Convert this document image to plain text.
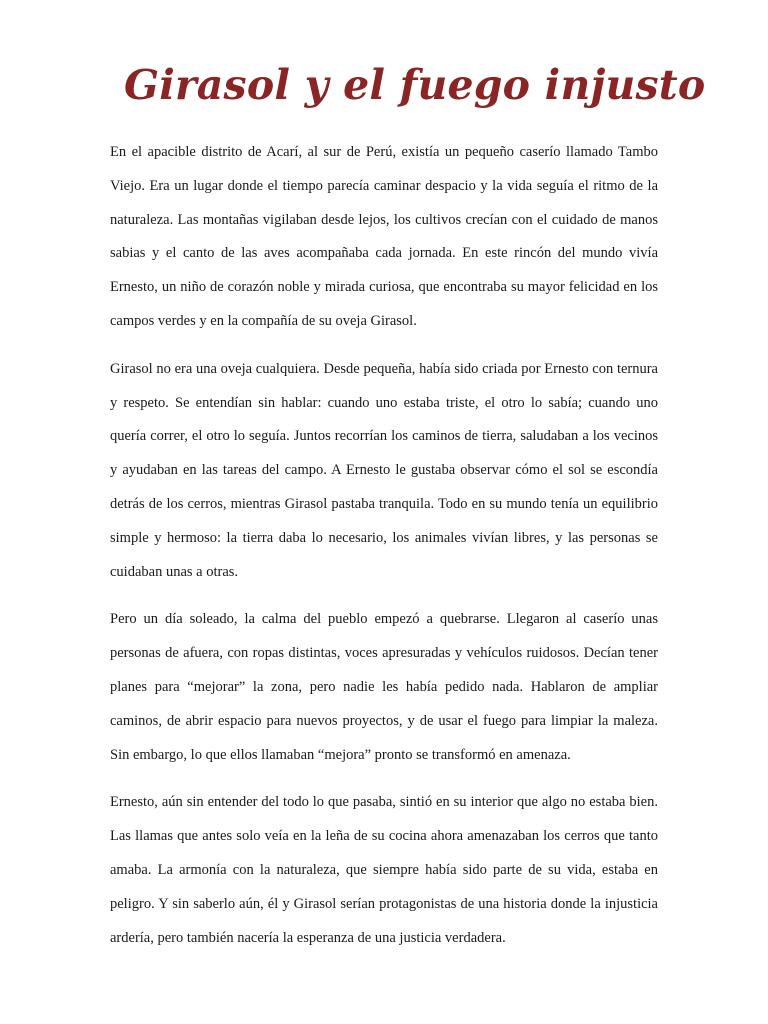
Girasol y el fuego injusto

En el apacible distrito de Acarí, al sur de Perú, existía un pequeño caserío llamado Tambo Viejo. Era un lugar donde el tiempo parecía caminar despacio y la vida seguía el ritmo de la naturaleza. Las montañas vigilaban desde lejos, los cultivos crecían con el cuidado de manos sabias y el canto de las aves acompañaba cada jornada. En este rincón del mundo vivía Ernesto, un niño de corazón noble y mirada curiosa, que encontraba su mayor felicidad en los campos verdes y en la compañía de su oveja Girasol.

Girasol no era una oveja cualquiera. Desde pequeña, había sido criada por Ernesto con ternura y respeto. Se entendían sin hablar: cuando uno estaba triste, el otro lo sabía; cuando uno quería correr, el otro lo seguía. Juntos recorrían los caminos de tierra, saludaban a los vecinos y ayudaban en las tareas del campo. A Ernesto le gustaba observar cómo el sol se escondía detrás de los cerros, mientras Girasol pastaba tranquila. Todo en su mundo tenía un equilibrio simple y hermoso: la tierra daba lo necesario, los animales vivían libres, y las personas se cuidaban unas a otras.

Pero un día soleado, la calma del pueblo empezó a quebrarse. Llegaron al caserío unas personas de afuera, con ropas distintas, voces apresuradas y vehículos ruidosos. Decían tener planes para “mejorar” la zona, pero nadie les había pedido nada. Hablaron de ampliar caminos, de abrir espacio para nuevos proyectos, y de usar el fuego para limpiar la maleza. Sin embargo, lo que ellos llamaban “mejora” pronto se transformó en amenaza.

Ernesto, aún sin entender del todo lo que pasaba, sintió en su interior que algo no estaba bien. Las llamas que antes solo veía en la leña de su cocina ahora amenazaban los cerros que tanto amaba. La armonía con la naturaleza, que siempre había sido parte de su vida, estaba en peligro. Y sin saberlo aún, él y Girasol serían protagonistas de una historia donde la injusticia ardería, pero también nacería la esperanza de una justicia verdadera.
